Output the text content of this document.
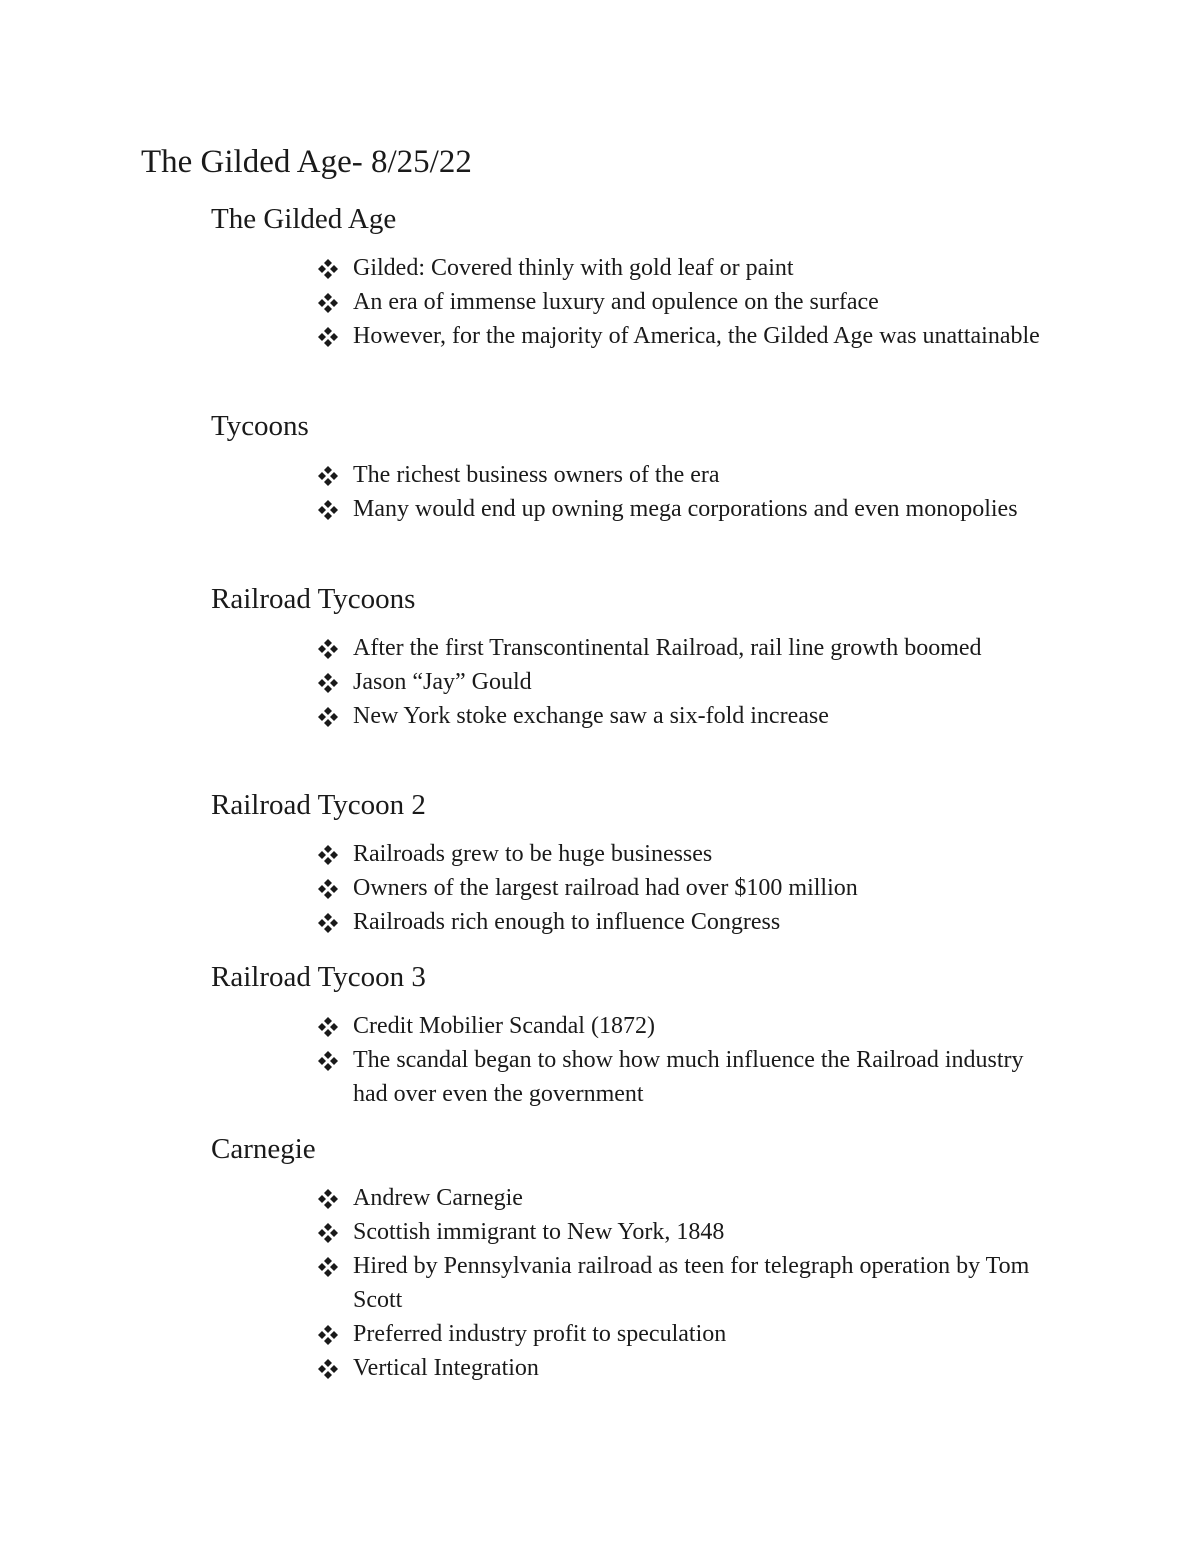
The Gilded Age- 8/25/22
The Gilded Age
Gilded: Covered thinly with gold leaf or paint
An era of immense luxury and opulence on the surface
However, for the majority of America, the Gilded Age was unattainable
Tycoons
The richest business owners of the era
Many would end up owning mega corporations and even monopolies
Railroad Tycoons
After the first Transcontinental Railroad, rail line growth boomed
Jason “Jay” Gould
New York stoke exchange saw a six-fold increase
Railroad Tycoon 2
Railroads grew to be huge businesses
Owners of the largest railroad had over $100 million
Railroads rich enough to influence Congress
Railroad Tycoon 3
Credit Mobilier Scandal (1872)
The scandal began to show how much influence the Railroad industry had over even the government
Carnegie
Andrew Carnegie
Scottish immigrant to New York, 1848
Hired by Pennsylvania railroad as teen for telegraph operation by Tom Scott
Preferred industry profit to speculation
Vertical Integration
